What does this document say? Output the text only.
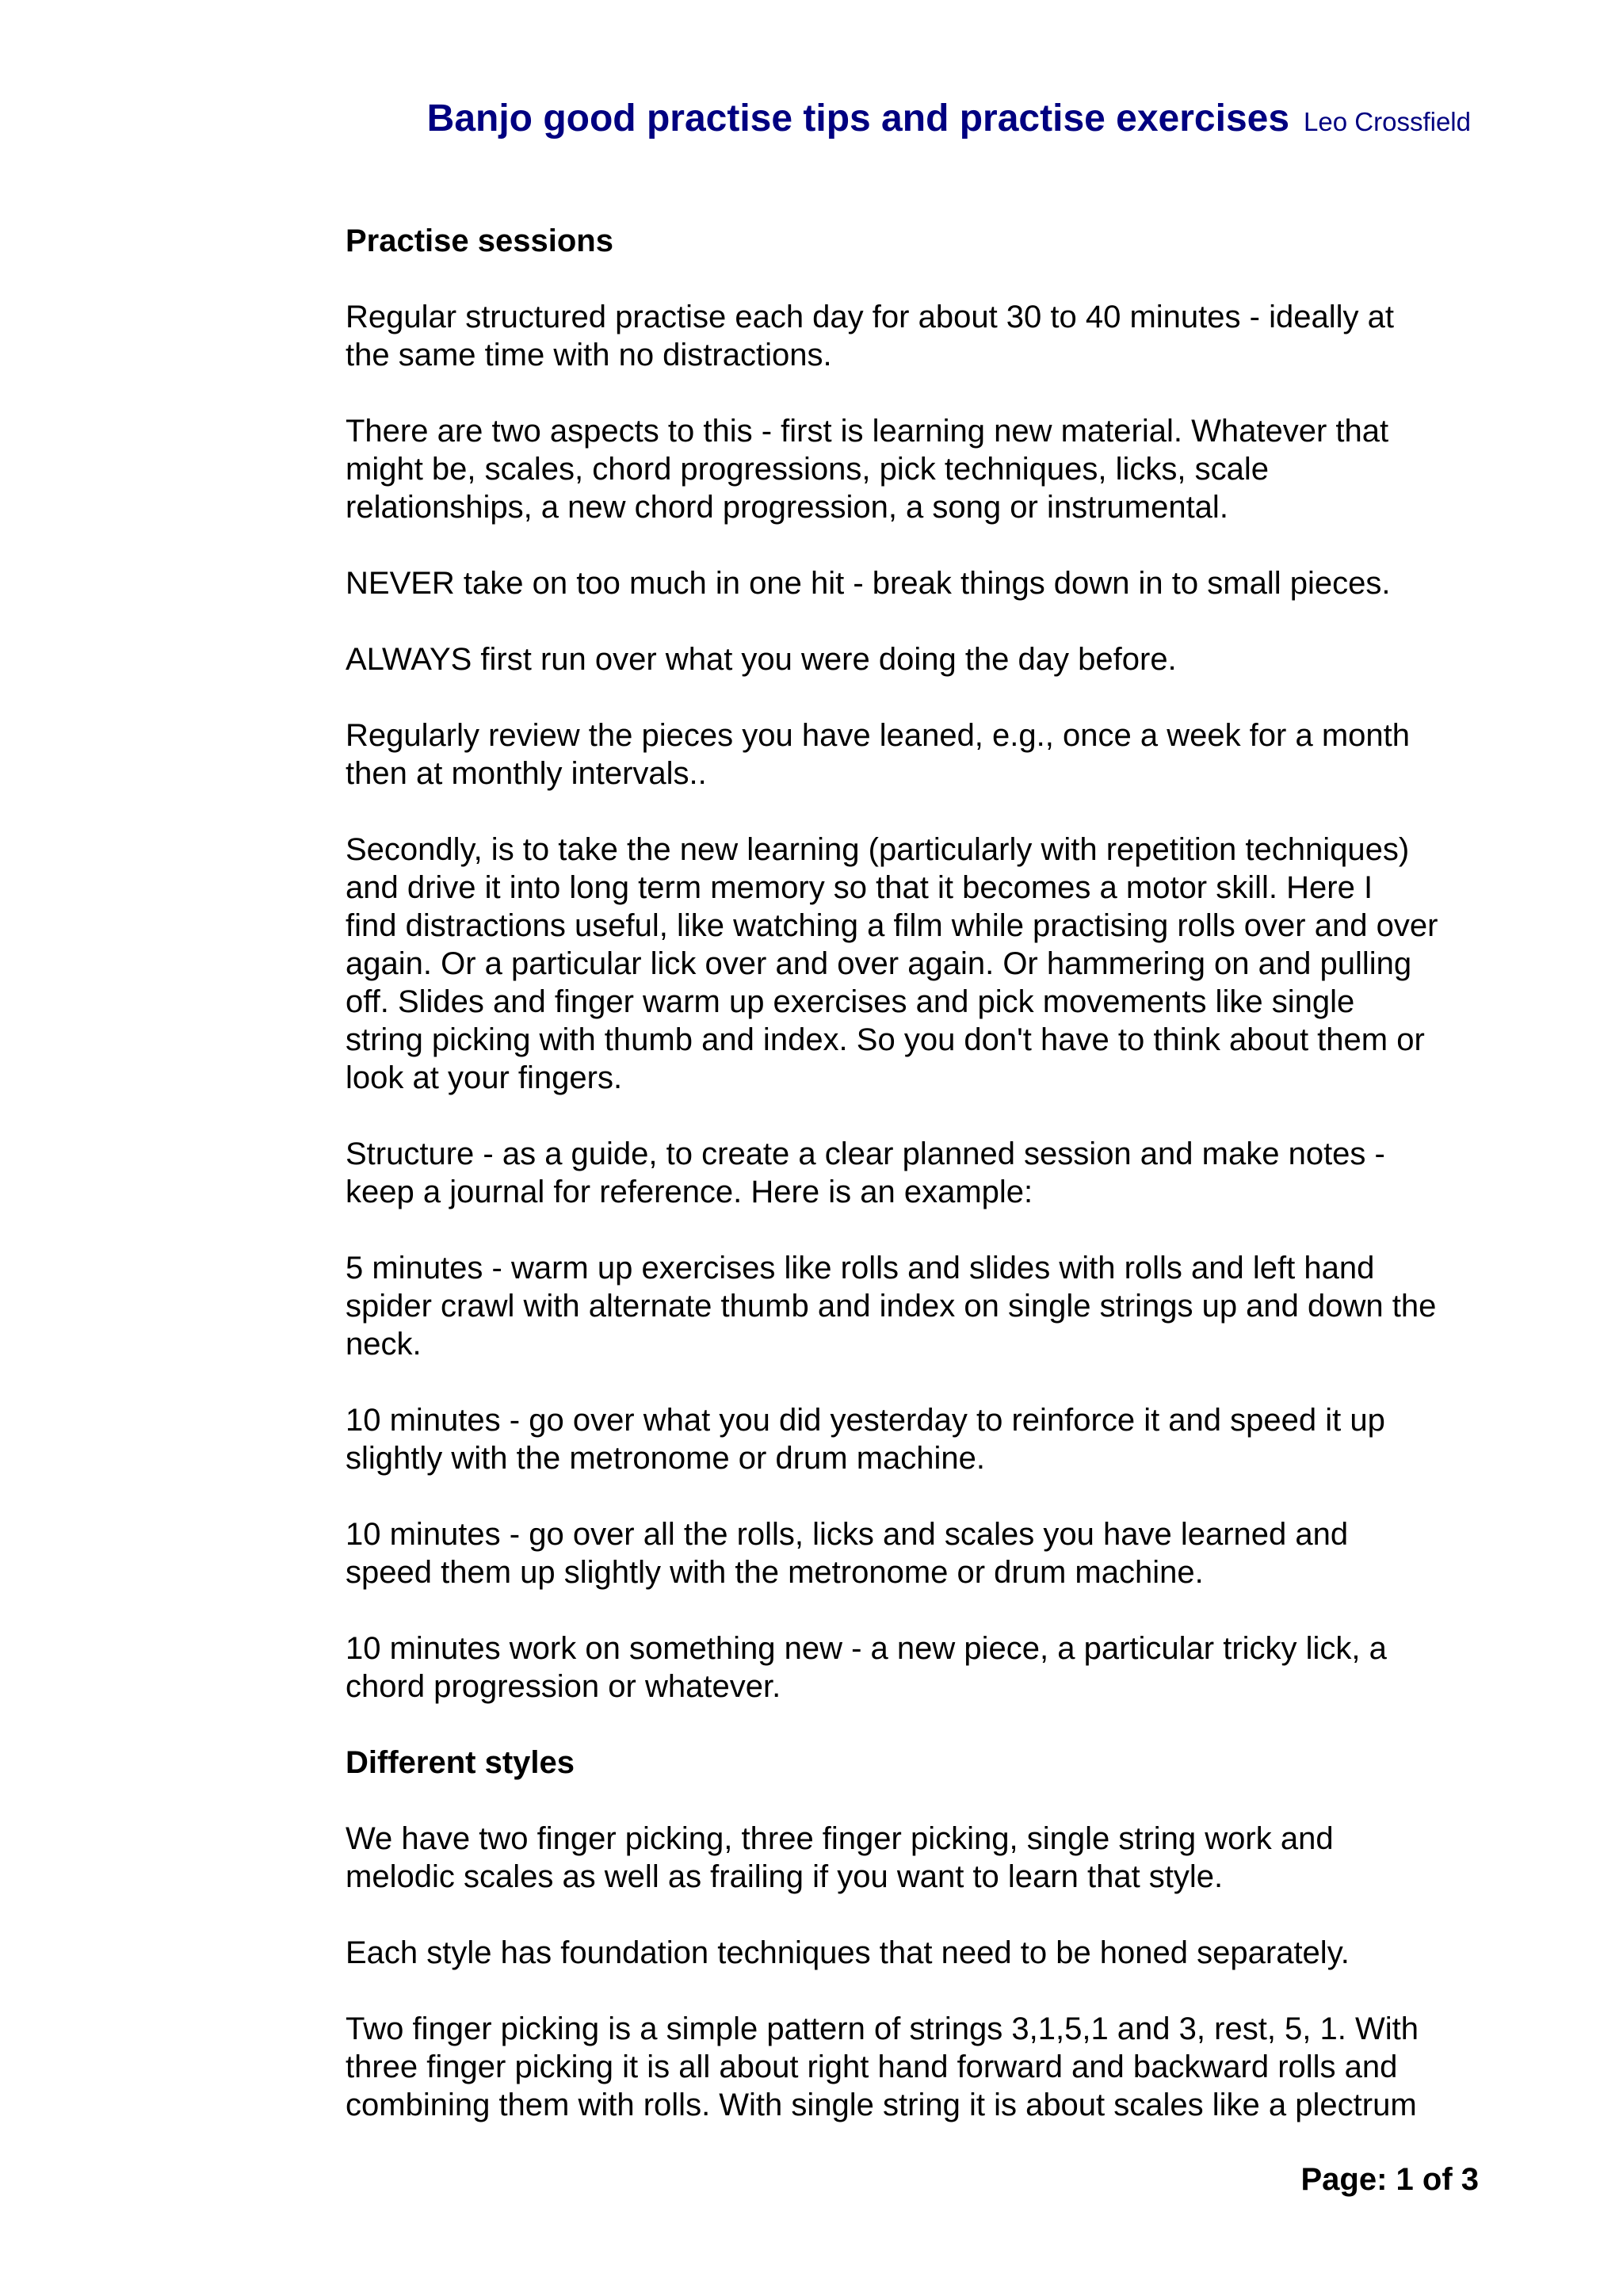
Banjo good practise tips and practise exercises Leo Crossfield
Practise sessions
Regular structured practise each day for about 30 to 40 minutes - ideally at
the same time with no distractions.
There are two aspects to this - first is learning new material. Whatever that
might be, scales, chord progressions, pick techniques, licks, scale
relationships, a new chord progression, a song or instrumental.
NEVER take on too much in one hit - break things down in to small pieces.
ALWAYS first run over what you were doing the day before.
Regularly review the pieces you have leaned, e.g., once a week for a month
then at monthly intervals..
Secondly, is to take the new learning (particularly with repetition techniques)
and drive it into long term memory so that it becomes a motor skill. Here I
find distractions useful, like watching a film while practising rolls over and over
again. Or a particular lick over and over again. Or hammering on and pulling
off. Slides and finger warm up exercises and pick movements like single
string picking with thumb and index. So you don't have to think about them or
look at your fingers.
Structure - as a guide, to create a clear planned session and make notes -
keep a journal for reference. Here is an example:
5 minutes - warm up exercises like rolls and slides with rolls and left hand
spider crawl with alternate thumb and index on single strings up and down the
neck.
10 minutes - go over what you did yesterday to reinforce it and speed it up
slightly with the metronome or drum machine.
10 minutes - go over all the rolls, licks and scales you have learned and
speed them up slightly with the metronome or drum machine.
10 minutes work on something new - a new piece, a particular tricky lick, a
chord progression or whatever.
Different styles
We have two finger picking, three finger picking, single string work and
melodic scales as well as frailing if you want to learn that style.
Each style has foundation techniques that need to be honed separately.
Two finger picking is a simple pattern of strings 3,1,5,1 and 3, rest, 5, 1. With
three finger picking it is all about right hand forward and backward rolls and
combining them with rolls. With single string it is about scales like a plectrum
Page: 1 of 3
